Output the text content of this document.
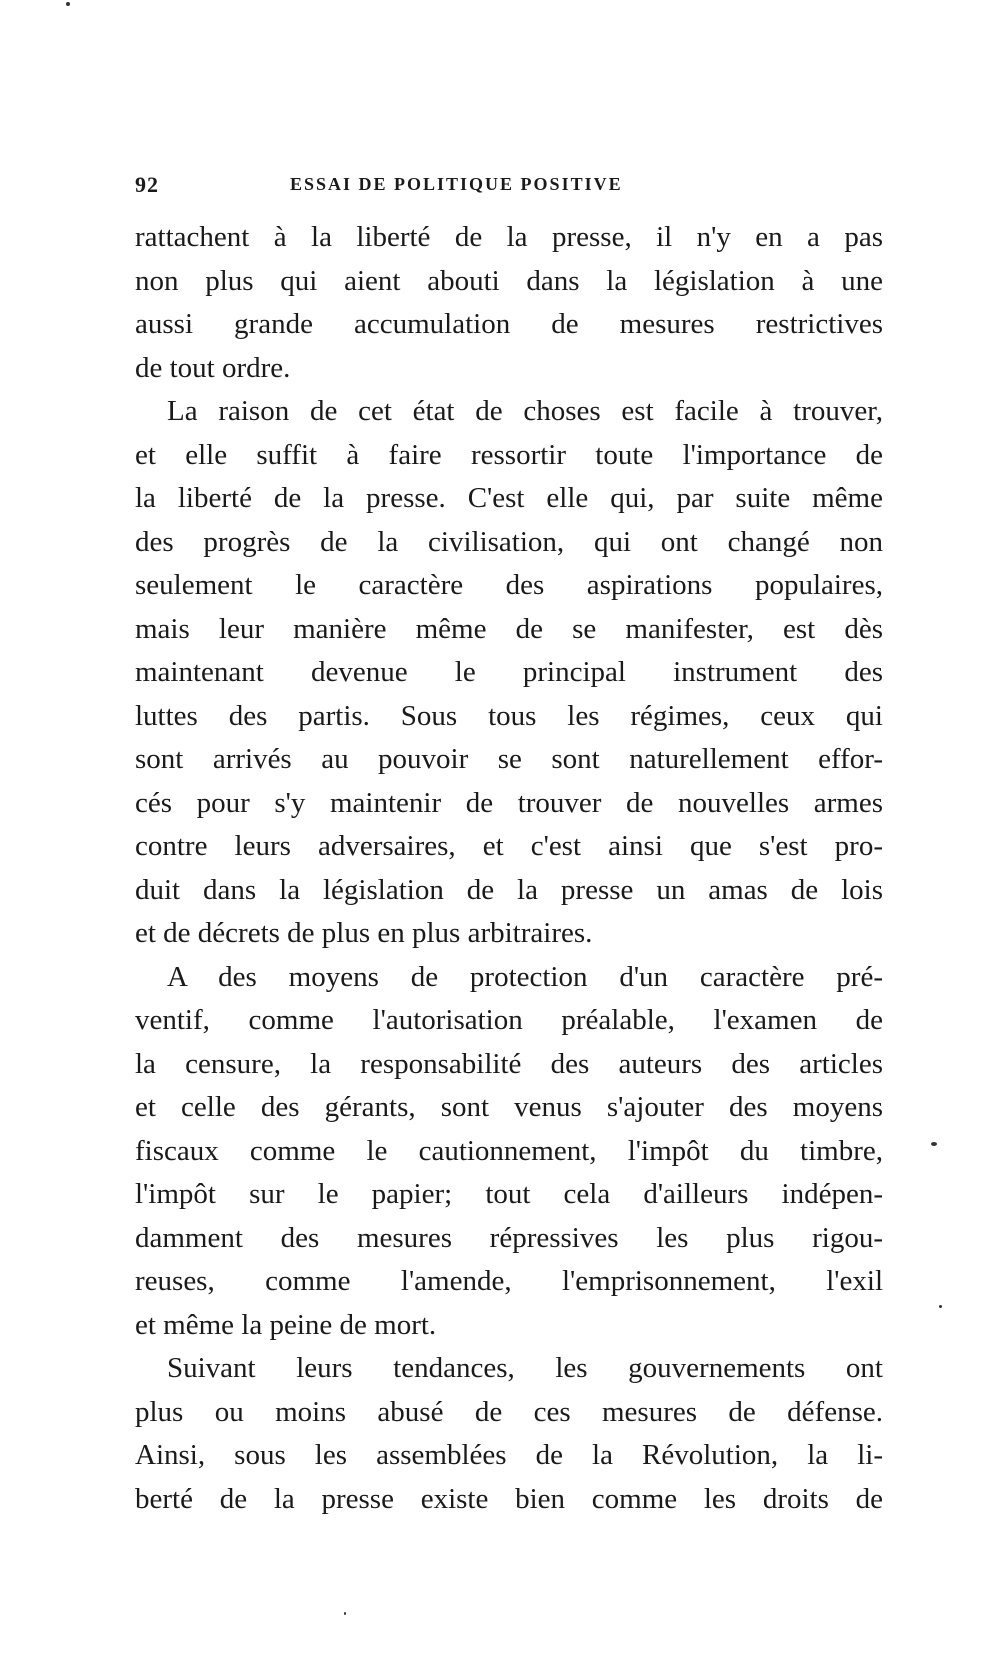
92	ESSAI DE POLITIQUE POSITIVE
rattachent à la liberté de la presse, il n'y en a pas
non plus qui aient abouti dans la législation à une
aussi grande accumulation de mesures restrictives
de tout ordre.
La raison de cet état de choses est facile à trouver,
et elle suffit à faire ressortir toute l'importance de
la liberté de la presse. C'est elle qui, par suite même
des progrès de la civilisation, qui ont changé non
seulement le caractère des aspirations populaires,
mais leur manière même de se manifester, est dès
maintenant devenue le principal instrument des
luttes des partis. Sous tous les régimes, ceux qui
sont arrivés au pouvoir se sont naturellement effor-
cés pour s'y maintenir de trouver de nouvelles armes
contre leurs adversaires, et c'est ainsi que s'est pro-
duit dans la législation de la presse un amas de lois
et de décrets de plus en plus arbitraires.
A des moyens de protection d'un caractère pré-
ventif, comme l'autorisation préalable, l'examen de
la censure, la responsabilité des auteurs des articles
et celle des gérants, sont venus s'ajouter des moyens
fiscaux comme le cautionnement, l'impôt du timbre,
l'impôt sur le papier; tout cela d'ailleurs indépen-
damment des mesures répressives les plus rigou-
reuses, comme l'amende, l'emprisonnement, l'exil
et même la peine de mort.
Suivant leurs tendances, les gouvernements ont
plus ou moins abusé de ces mesures de défense.
Ainsi, sous les assemblées de la Révolution, la li-
berté de la presse existe bien comme les droits de
